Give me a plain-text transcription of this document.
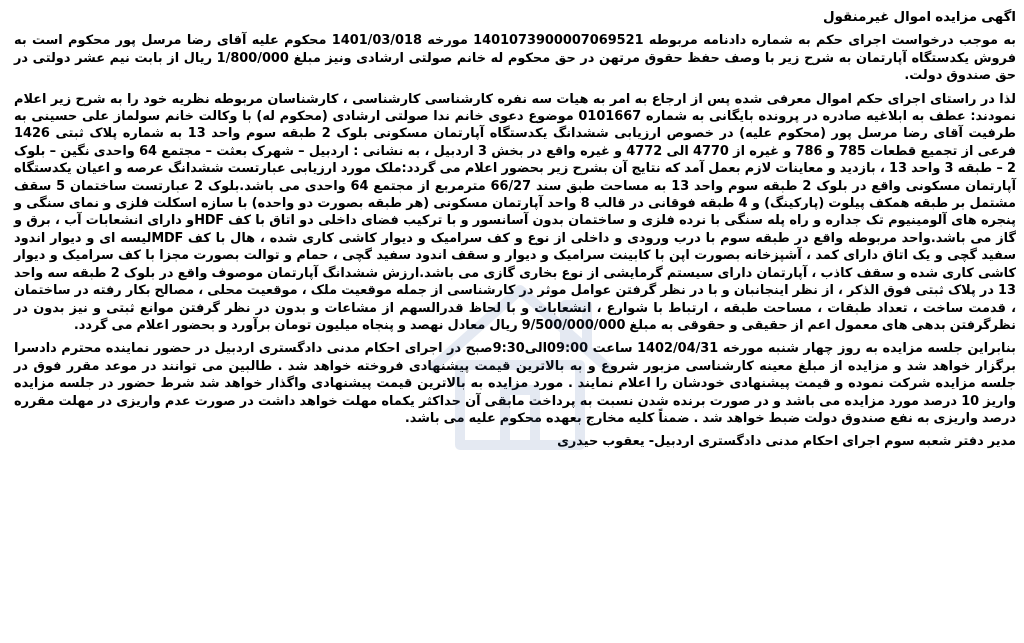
اگهی مزایده اموال غیرمنقول
به موجب درخواست اجرای حکم به شماره دادنامه مربوطه 140107390000706952‌1 مورخه 1401/03/018 محکوم علیه آقای رضا مرسل پور محکوم است به فروش یکدستگاه آپارتمان به شرح زیر با وصف حفظ حقوق مرتهن در حق محکوم له خانم صولتی ارشادی ونیز مبلغ 1/800/000 ریال از بابت نیم عشر دولتی در حق صندوق دولت.
لذا در راستای اجرای حکم اموال معرفی شده پس از ارجاع به امر به هیات سه نفره کارشناسی کارشناسی ، کارشناسان مربوطه نظریه خود را به شرح زیر اعلام نمودند: عطف به ابلاغیه صادره در پرونده بایگانی به شماره 0101667 موضوع دعوی خانم ندا صولتی ارشادی (محکوم له) با وکالت خانم سولماز علی حسینی به طرفیت آقای رضا مرسل پور (محکوم علیه) در خصوص ارزیابی ششدانگ یکدستگاه آپارتمان مسکونی بلوک 2 طبقه سوم واحد 13 به شماره پلاک ثبتی 1426 فرعی از تجمیع قطعات 785 و 786 و غیره از 4770 الی 4772 و غیره واقع در بخش 3 اردبیل ، به نشانی : اردبیل – شهرک بعثت – مجتمع 64 واحدی نگین – بلوک 2 – طبقه 3 واحد 13 ، بازدید و معاینات لازم بعمل آمد که نتایج آن بشرح زیر بحضور اعلام می گردد:ملک مورد ارزیابی عبارتست ششدانگ عرصه و اعیان یکدستگاه آپارتمان مسکونی واقع در بلوک 2 طبقه سوم واحد 13 به مساحت طبق سند 66/27 مترمربع از مجتمع 64 واحدی می باشد.بلوک 2 عبارتست ساختمان 5 سقف مشتمل بر طبقه همکف پیلوت (پارکینگ) و 4 طبقه فوقانی در قالب 8 واحد آپارتمان مسکونی (هر طبقه بصورت دو واحده) با سازه اسکلت فلزی و نمای سنگی و پنجره های آلومینیوم تک جداره و راه پله سنگی با نرده فلزی و ساختمان بدون آسانسور و با ترکیب فضای داخلی دو اتاق با کف HDFو دارای انشعابات آب ، برق و گاز می باشد.واحد مربوطه واقع در طبقه سوم با درب ورودی و داخلی از نوع و کف سرامیک و دیوار کاشی کاری شده ، هال با کف MDFلیسه ای و دیوار اندود سفید گچی و یک اتاق دارای کمد ، آشپزخانه بصورت اپن با کابینت سرامیک و دیوار و سقف اندود سفید گچی ، حمام و توالت بصورت مجزا با کف سرامیک و دیوار کاشی کاری شده و سقف کاذب ، آپارتمان دارای سیستم گرمایشی از نوع بخاری گازی می باشد.ارزش ششدانگ آپارتمان موصوف واقع در بلوک 2 طبقه سه واحد 13 در پلاک ثبتی فوق الذکر ، از نظر اینجانبان و با در نظر گرفتن عوامل موثر در کارشناسی از جمله موقعیت ملک ، موقعیت محلی ، مصالح بکار رفته در ساختمان ، قدمت ساخت ، تعداد طبقات ، مساحت طبقه ، ارتباط با شوارع ، انشعابات و با لحاظ قدرالسهم از مشاعات و بدون در نظر گرفتن موانع ثبتی و نیز بدون در نظرگرفتن بدهی های معمول اعم از حقیقی و حقوقی به مبلغ 9/500/000/000 ریال معادل نهصد و پنجاه میلیون تومان برآورد و بحضور اعلام می گردد.
بنابراین جلسه مزایده به روز چهار شنبه مورخه 1402/04/31 ساعت 09:00الی9:30صبح در اجرای احکام مدنی دادگستری اردبیل در حضور نماینده محترم دادسرا برگزار خواهد شد و مزایده از مبلغ معینه کارشناسی مزبور شروع و به بالاترین قیمت پیشنهادی فروخته خواهد شد . طالبین می توانند در موعد مقرر فوق در جلسه مزایده شرکت نموده و قیمت پیشنهادی خودشان را اعلام نمایند . مورد مزایده به بالاترین قیمت پیشنهادی واگذار خواهد شد شرط حضور در جلسه مزایده واریز 10 درصد مورد مزایده می باشد و در صورت برنده شدن نسبت به پرداخت مابقی آن حداکثر یکماه مهلت خواهد داشت در صورت عدم واریزی در مهلت مقرره درصد واریزی به نفع صندوق دولت ضبط خواهد شد . ضمناً کلیه مخارج بعهده محکوم علیه می باشد.
مدیر دفتر شعبه سوم اجرای احکام مدنی دادگستری اردبیل- یعقوب حیدری
